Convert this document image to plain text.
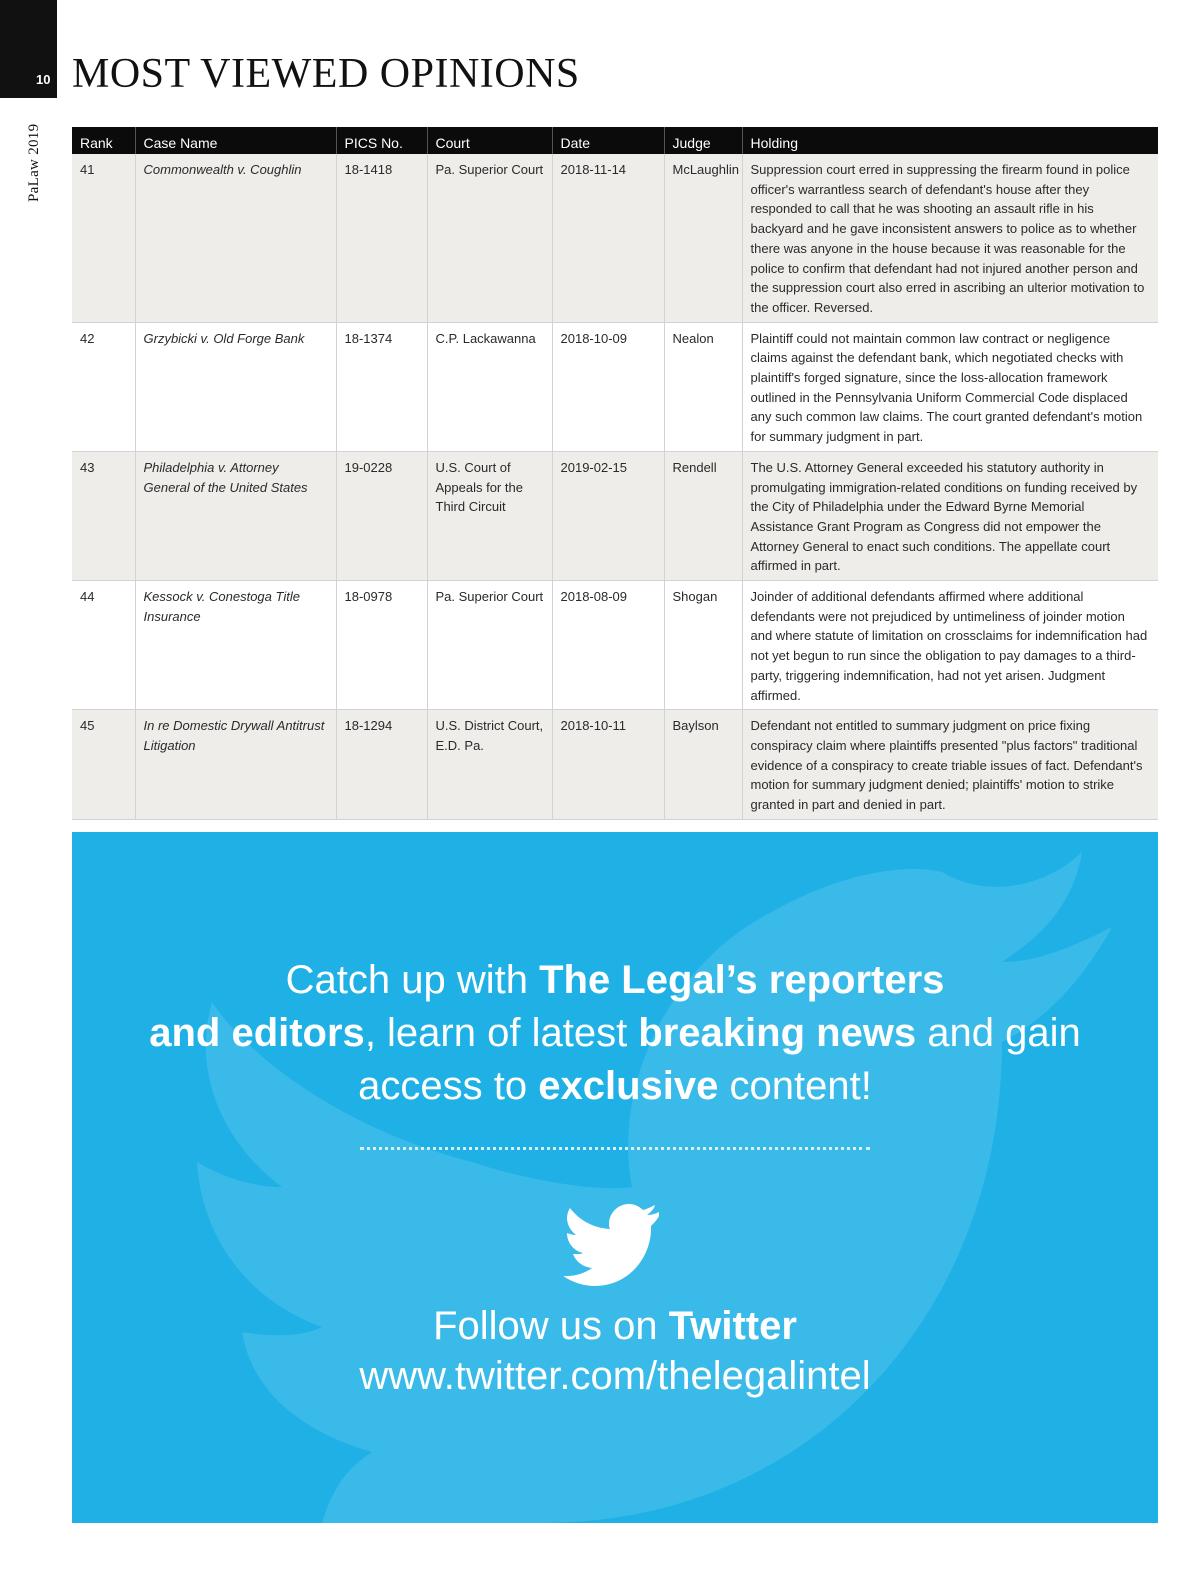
10
PaLaw 2019
MOST VIEWED OPINIONS
Rank	Case Name	PICS No.	Court	Date	Judge	Holding
41	Commonwealth v. Coughlin	18-1418	Pa. Superior Court	2018-11-14	McLaughlin	Suppression court erred in suppressing the firearm found in police officer's warrantless search of defendant's house after they responded to call that he was shooting an assault rifle in his backyard and he gave inconsistent answers to police as to whether there was anyone in the house because it was reasonable for the police to confirm that defendant had not injured another person and the suppression court also erred in ascribing an ulterior motivation to the officer. Reversed.
42	Grzybicki v. Old Forge Bank	18-1374	C.P. Lackawanna	2018-10-09	Nealon	Plaintiff could not maintain common law contract or negligence claims against the defendant bank, which negotiated checks with plaintiff's forged signature, since the loss-allocation framework outlined in the Pennsylvania Uniform Commercial Code displaced any such common law claims. The court granted defendant's motion for summary judgment in part.
43	Philadelphia v. Attorney General of the United States	19-0228	U.S. Court of Appeals for the Third Circuit	2019-02-15	Rendell	The U.S. Attorney General exceeded his statutory authority in promulgating immigration-related conditions on funding received by the City of Philadelphia under the Edward Byrne Memorial Assistance Grant Program as Congress did not empower the Attorney General to enact such conditions. The appellate court affirmed in part.
44	Kessock v. Conestoga Title Insurance	18-0978	Pa. Superior Court	2018-08-09	Shogan	Joinder of additional defendants affirmed where additional defendants were not prejudiced by untimeliness of joinder motion and where statute of limitation on crossclaims for indemnification had not yet begun to run since the obligation to pay damages to a third-party, triggering indemnification, had not yet arisen. Judgment affirmed.
45	In re Domestic Drywall Antitrust Litigation	18-1294	U.S. District Court, E.D. Pa.	2018-10-11	Baylson	Defendant not entitled to summary judgment on price fixing conspiracy claim where plaintiffs presented "plus factors" traditional evidence of a conspiracy to create triable issues of fact. Defendant's motion for summary judgment denied; plaintiffs' motion to strike granted in part and denied in part.
Catch up with The Legal’s reporters
and editors, learn of latest breaking news and gain
access to exclusive content!
Follow us on Twitter
www.twitter.com/thelegalintel
